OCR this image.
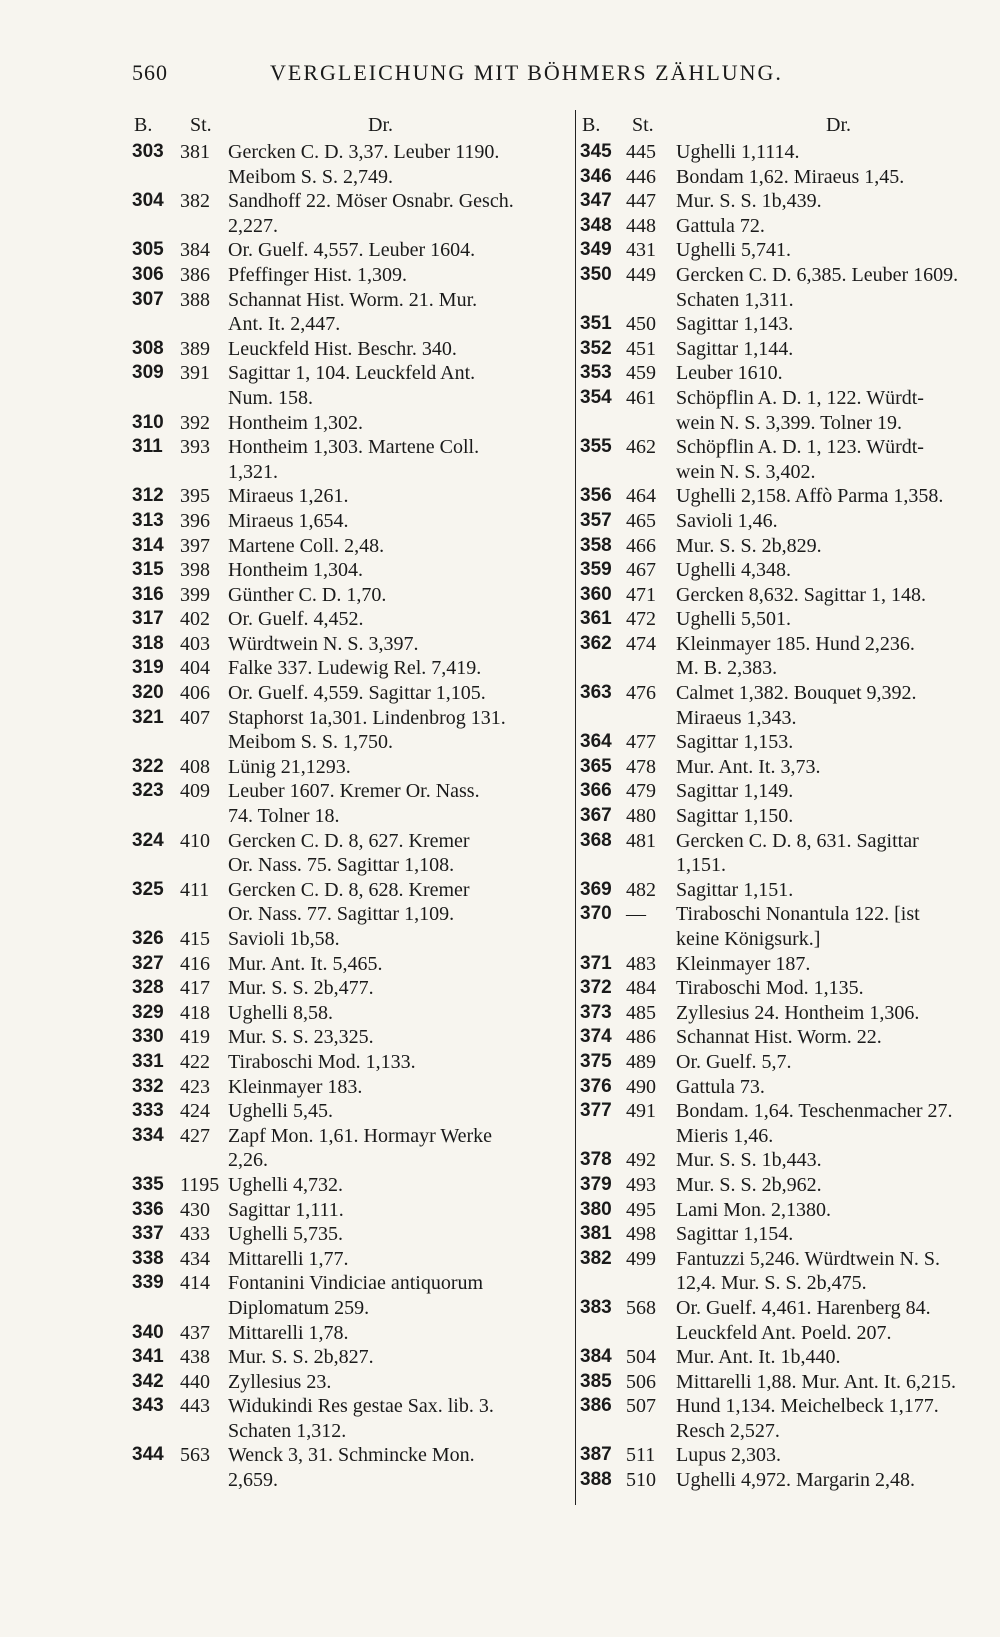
560	VERGLEICHUNG MIT BÖHMERS ZÄHLUNG.
B. St.	Dr.
303 381 Gercken C. D. 3,37. Leuber 1190.
Meibom S. S. 2,749.
304 382 Sandhoff 22. Möser Osnabr. Gesch.
2,227.
305 384 Or. Guelf. 4,557. Leuber 1604.
306 386 Pfeffinger Hist. 1,309.
307 388 Schannat Hist. Worm. 21. Mur.
Ant. It. 2,447.
308 389 Leuckfeld Hist. Beschr. 340.
309 391 Sagittar 1, 104. Leuckfeld Ant.
Num. 158.
310 392 Hontheim 1,302.
311 393 Hontheim 1,303. Martene Coll.
1,321.
312 395 Miraeus 1,261.
313 396 Miraeus 1,654.
314 397 Martene Coll. 2,48.
315 398 Hontheim 1,304.
316 399 Günther C. D. 1,70.
317 402 Or. Guelf. 4,452.
318 403 Würdtwein N. S. 3,397.
319 404 Falke 337. Ludewig Rel. 7,419.
320 406 Or. Guelf. 4,559. Sagittar 1,105.
321 407 Staphorst 1a,301. Lindenbrog 131.
Meibom S. S. 1,750.
322 408 Lünig 21,1293.
323 409 Leuber 1607. Kremer Or. Nass.
74. Tolner 18.
324 410 Gercken C. D. 8, 627. Kremer
Or. Nass. 75. Sagittar 1,108.
325 411 Gercken C. D. 8, 628. Kremer
Or. Nass. 77. Sagittar 1,109.
326 415 Savioli 1b,58.
327 416 Mur. Ant. It. 5,465.
328 417 Mur. S. S. 2b,477.
329 418 Ughelli 8,58.
330 419 Mur. S. S. 23,325.
331 422 Tiraboschi Mod. 1,133.
332 423 Kleinmayer 183.
333 424 Ughelli 5,45.
334 427 Zapf Mon. 1,61. Hormayr Werke
2,26.
335 1195 Ughelli 4,732.
336 430 Sagittar 1,111.
337 433 Ughelli 5,735.
338 434 Mittarelli 1,77.
339 414 Fontanini Vindiciae antiquorum
Diplomatum 259.
340 437 Mittarelli 1,78.
341 438 Mur. S. S. 2b,827.
342 440 Zyllesius 23.
343 443 Widukindi Res gestae Sax. lib. 3.
Schaten 1,312.
344 563 Wenck 3, 31. Schmincke Mon.
2,659.
B. St.	Dr.
345 445	Ughelli 1,1114.
346 446	Bondam 1,62. Miraeus 1,45.
347 447	Mur. S. S. 1b,439.
348 448	Gattula 72.
349 431	Ughelli 5,741.
350 449	Gercken C. D. 6,385. Leuber 1609.
Schaten 1,311.
351 450	Sagittar 1,143.
352 451	Sagittar 1,144.
353 459	Leuber 1610.
354 461	Schöpflin A. D. 1, 122. Würdt-
wein N. S. 3,399. Tolner 19.
355 462	Schöpflin A. D. 1, 123. Würdt-
wein N. S. 3,402.
356 464	Ughelli 2,158. Affò Parma 1,358.
357 465	Savioli 1,46.
358 466	Mur. S. S. 2b,829.
359 467	Ughelli 4,348.
360 471	Gercken 8,632. Sagittar 1, 148.
361 472	Ughelli 5,501.
362 474	Kleinmayer 185. Hund 2,236.
M. B. 2,383.
363 476	Calmet 1,382. Bouquet 9,392.
Miraeus 1,343.
364 477	Sagittar 1,153.
365 478	Mur. Ant. It. 3,73.
366 479	Sagittar 1,149.
367 480	Sagittar 1,150.
368 481	Gercken C. D. 8, 631. Sagittar
1,151.
369 482	Sagittar 1,151.
370 —	Tiraboschi Nonantula 122. [ist
keine Königsurk.]
371 483	Kleinmayer 187.
372 484	Tiraboschi Mod. 1,135.
373 485	Zyllesius 24. Hontheim 1,306.
374 486	Schannat Hist. Worm. 22.
375 489	Or. Guelf. 5,7.
376 490	Gattula 73.
377 491	Bondam. 1,64. Teschenmacher 27.
Mieris 1,46.
378 492	Mur. S. S. 1b,443.
379 493	Mur. S. S. 2b,962.
380 495	Lami Mon. 2,1380.
381 498	Sagittar 1,154.
382 499	Fantuzzi 5,246. Würdtwein N. S.
12,4. Mur. S. S. 2b,475.
383 568	Or. Guelf. 4,461. Harenberg 84.
Leuckfeld Ant. Poeld. 207.
384 504	Mur. Ant. It. 1b,440.
385 506	Mittarelli 1,88. Mur. Ant. It. 6,215.
386 507	Hund 1,134. Meichelbeck 1,177.
Resch 2,527.
387 511	Lupus 2,303.
388 510	Ughelli 4,972. Margarin 2,48.
